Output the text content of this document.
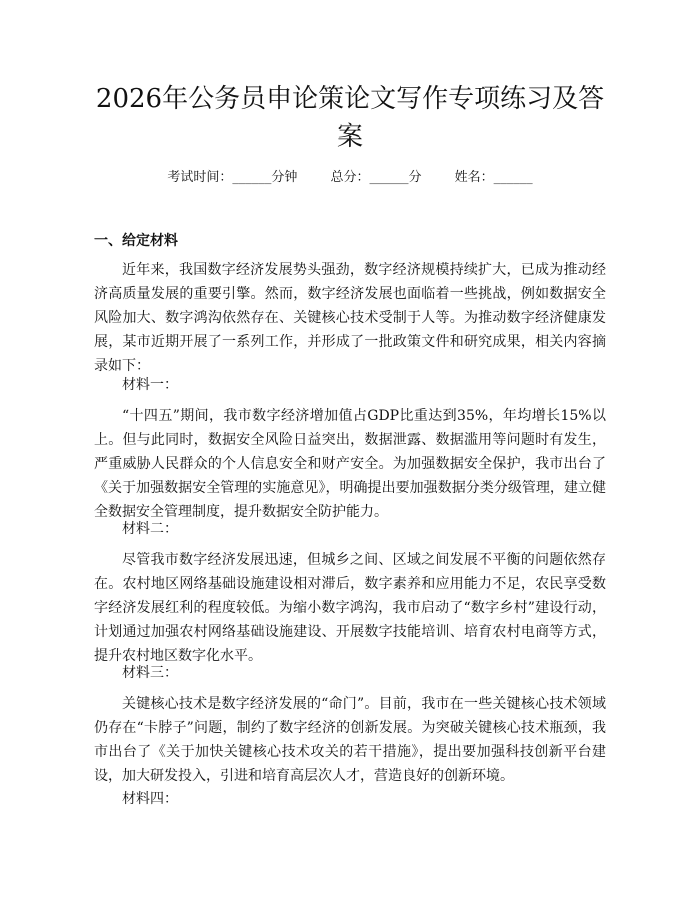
2026年公务员申论策论文写作专项练习及答案
考试时间：______分钟	总分：______分	姓名：______
一、给定材料

近年来，我国数字经济发展势头强劲，数字经济规模持续扩大，已成为推动经济高质量发展的重要引擎。然而，数字经济发展也面临着一些挑战，例如数据安全风险加大、数字鸿沟依然存在、关键核心技术受制于人等。为推动数字经济健康发展，某市近期开展了一系列工作，并形成了一批政策文件和研究成果，相关内容摘录如下：

材料一：

“十四五”期间，我市数字经济增加值占GDP比重达到35%，年均增长15%以上。但与此同时，数据安全风险日益突出，数据泄露、数据滥用等问题时有发生，严重威胁人民群众的个人信息安全和财产安全。为加强数据安全保护，我市出台了《关于加强数据安全管理的实施意见》，明确提出要加强数据分类分级管理，建立健全数据安全管理制度，提升数据安全防护能力。

材料二：

尽管我市数字经济发展迅速，但城乡之间、区域之间发展不平衡的问题依然存在。农村地区网络基础设施建设相对滞后，数字素养和应用能力不足，农民享受数字经济发展红利的程度较低。为缩小数字鸿沟，我市启动了“数字乡村”建设行动，计划通过加强农村网络基础设施建设、开展数字技能培训、培育农村电商等方式，提升农村地区数字化水平。

材料三：

关键核心技术是数字经济发展的“命门”。目前，我市在一些关键核心技术领域仍存在“卡脖子”问题，制约了数字经济的创新发展。为突破关键核心技术瓶颈，我市出台了《关于加快关键核心技术攻关的若干措施》，提出要加强科技创新平台建设，加大研发投入，引进和培育高层次人才，营造良好的创新环境。

材料四：
